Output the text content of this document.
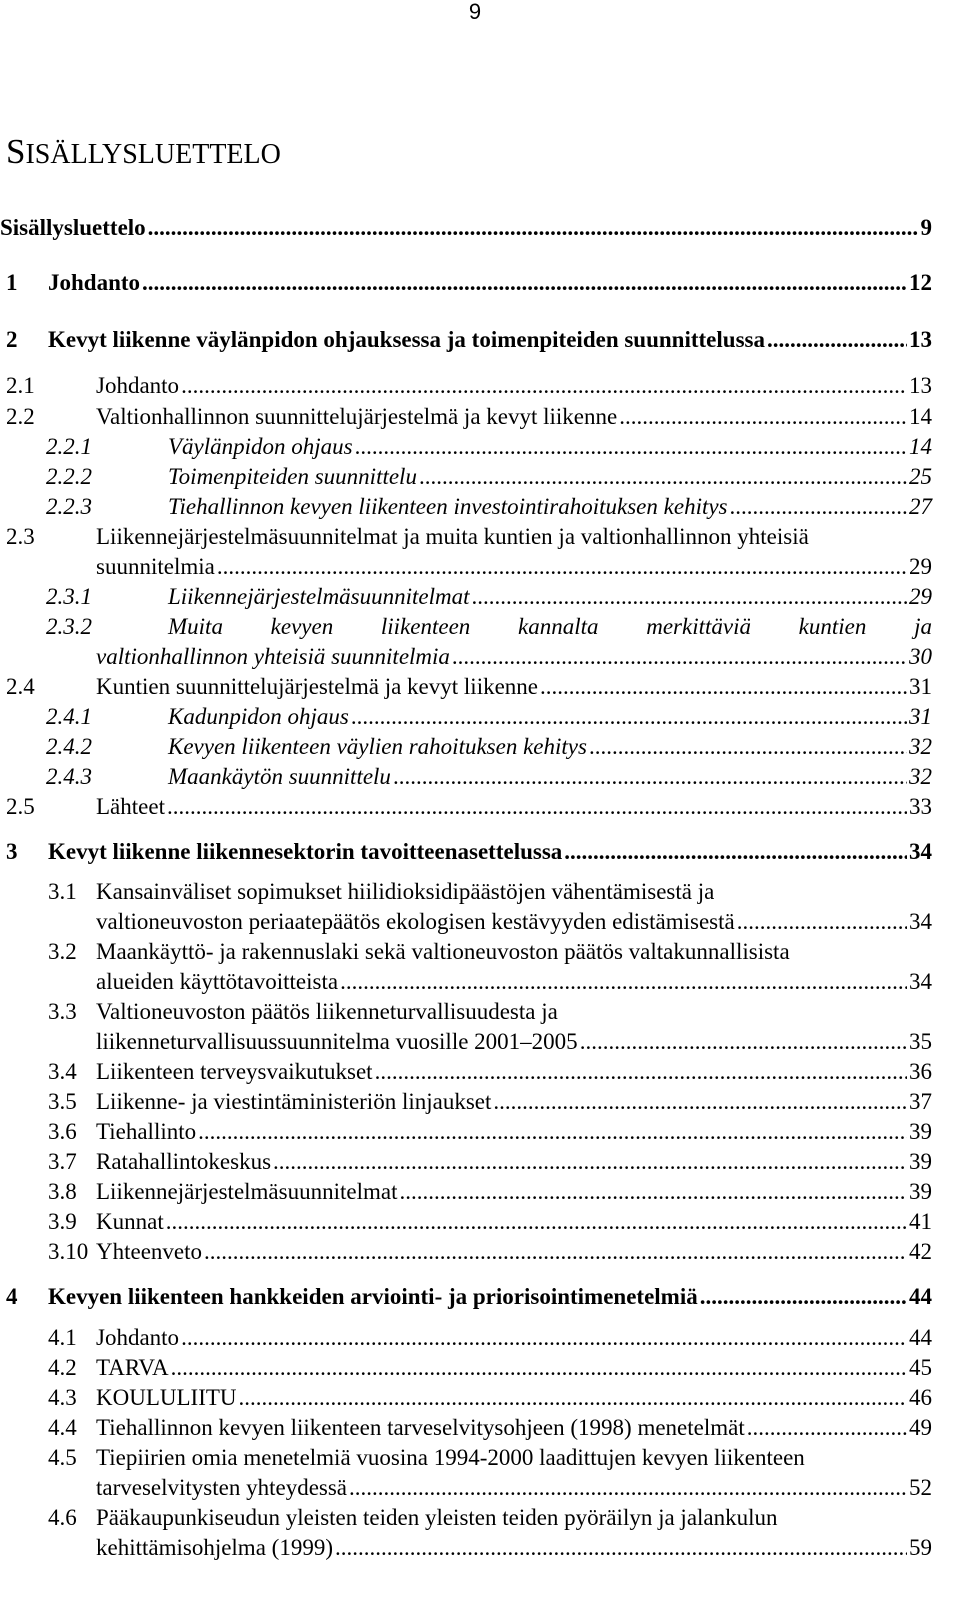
9
SISÄLLYSLUETTELO
Sisällysluettelo .....	9
1 Johdanto .....	12
2 Kevyt liikenne väylänpidon ohjauksessa ja toimenpiteiden suunnittelussa .....	13
2.1	Johdanto .....	13
2.2	Valtionhallinnon suunnittelujärjestelmä ja kevyt liikenne .....	14
2.2.1	Väylänpidon ohjaus .....	14
2.2.2	Toimenpiteiden suunnittelu .....	25
2.2.3	Tiehallinnon kevyen liikenteen investointirahoituksen kehitys .....	27
2.3	Liikennejärjestelmäsuunnitelmat ja muita kuntien ja valtionhallinnon yhteisiä
suunnitelmia .....	29
2.3.1	Liikennejärjestelmäsuunnitelmat .....	29
2.3.2	Muita kevyen liikenteen kannalta merkittäviä kuntien ja
valtionhallinnon yhteisiä suunnitelmia .....	30
2.4	Kuntien suunnittelujärjestelmä ja kevyt liikenne .....	31
2.4.1	Kadunpidon ohjaus .....	31
2.4.2	Kevyen liikenteen väylien rahoituksen kehitys .....	32
2.4.3	Maankäytön suunnittelu .....	32
2.5	Lähteet .....	33
3 Kevyt liikenne liikennesektorin tavoitteenasettelussa .....	34
3.1 Kansainväliset sopimukset hiilidioksidipäästöjen vähentämisestä ja
valtioneuvoston periaatepäätös ekologisen kestävyyden edistämisestä .....	34
3.2 Maankäyttö- ja rakennuslaki sekä valtioneuvoston päätös valtakunnallisista
alueiden käyttötavoitteista .....	34
3.3 Valtioneuvoston päätös liikenneturvallisuudesta ja
liikenneturvallisuussuunnitelma vuosille 2001–2005 .....	35
3.4 Liikenteen terveysvaikutukset .....	36
3.5 Liikenne- ja viestintäministeriön linjaukset .....	37
3.6 Tiehallinto .....	39
3.7 Ratahallintokeskus .....	39
3.8 Liikennejärjestelmäsuunnitelmat .....	39
3.9 Kunnat .....	41
3.10 Yhteenveto .....	42
4 Kevyen liikenteen hankkeiden arviointi- ja priorisointimenetelmiä .....	44
4.1 Johdanto .....	44
4.2 TARVA .....	45
4.3 KOULULIITU .....	46
4.4 Tiehallinnon kevyen liikenteen tarveselvitysohjeen (1998) menetelmät .....	49
4.5 Tiepiirien omia menetelmiä vuosina 1994-2000 laadittujen kevyen liikenteen
tarveselvitysten yhteydessä .....	52
4.6 Pääkaupunkiseudun yleisten teiden yleisten teiden pyöräilyn ja jalankulun
kehittämisohjelma (1999) .....	59
